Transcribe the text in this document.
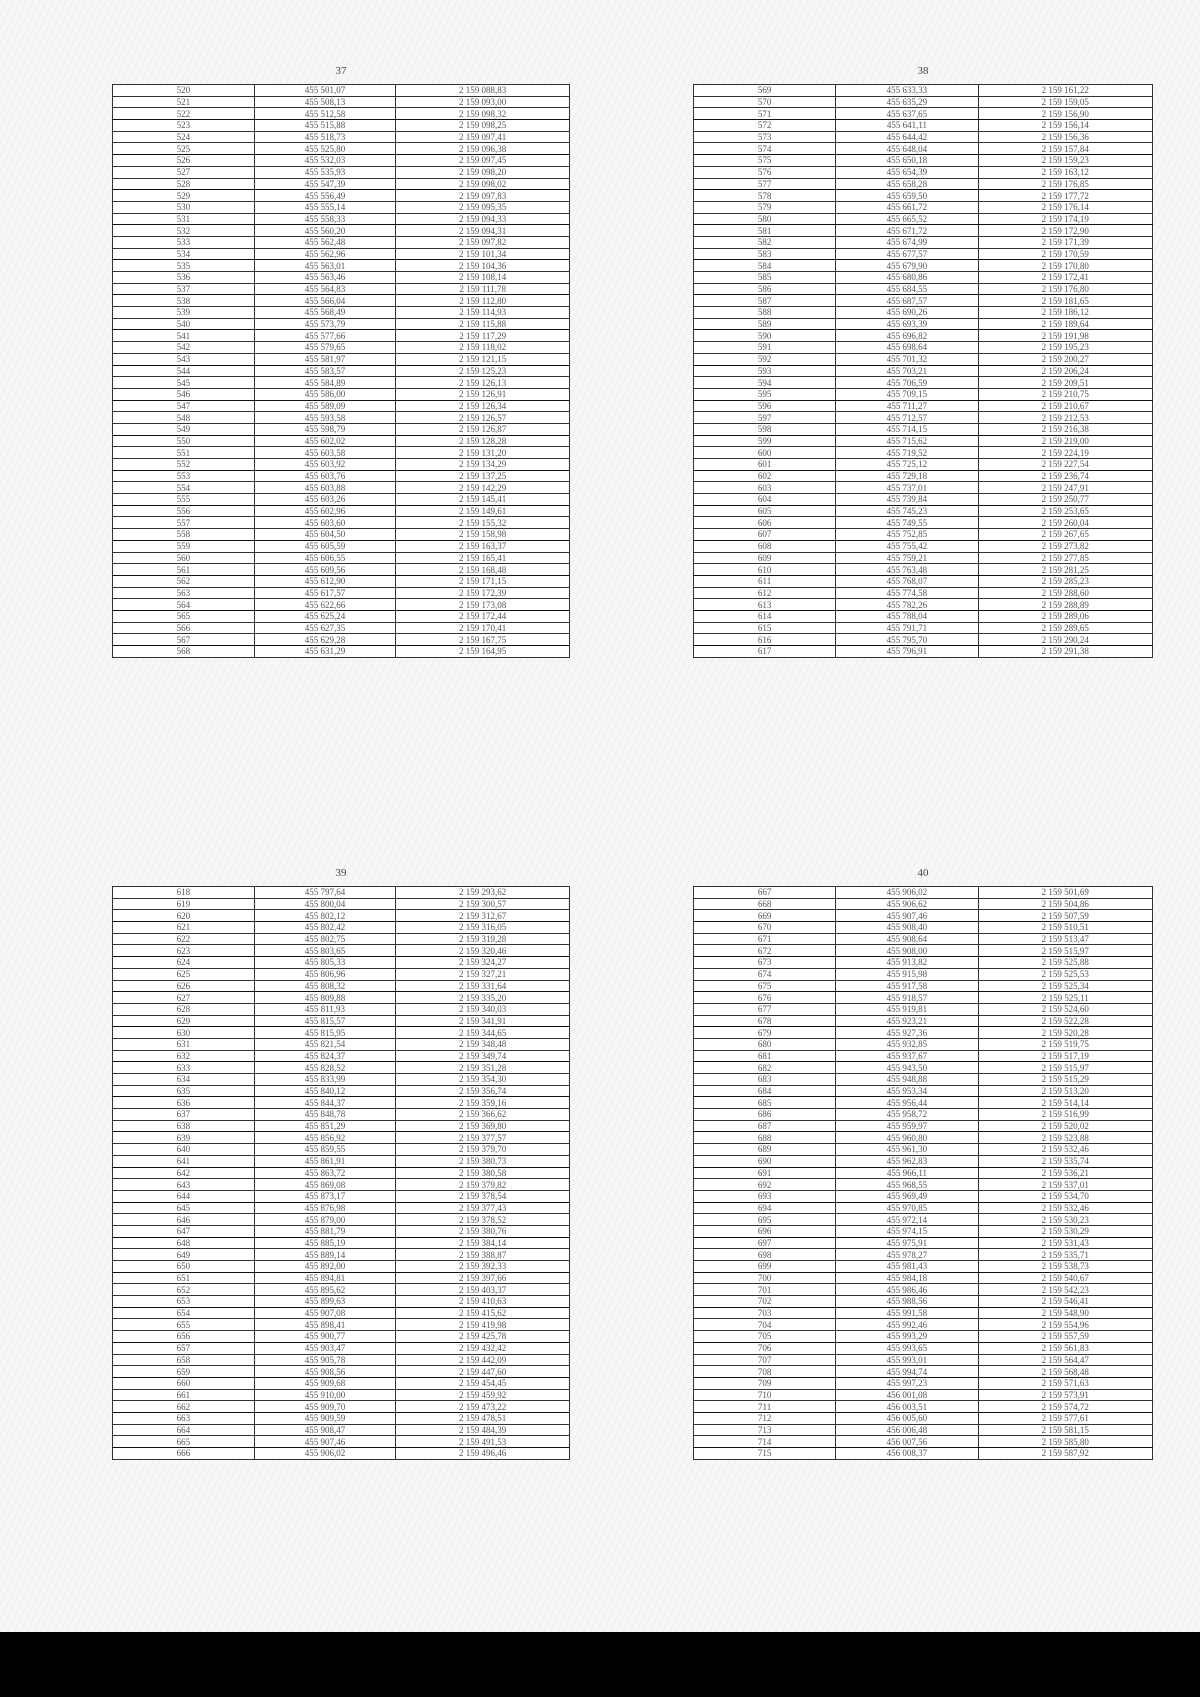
37
520	455 501,07	2 159 088,83
521	455 508,13	2 159 093,00
522	455 512,58	2 159 098,32
523	455 515,88	2 159 098,25
524	455 518,73	2 159 097,41
525	455 525,80	2 159 096,38
526	455 532,03	2 159 097,45
527	455 535,93	2 159 098,20
528	455 547,39	2 159 098,02
529	455 556,49	2 159 097,83
530	455 555,14	2 159 095,35
531	455 558,33	2 159 094,33
532	455 560,20	2 159 094,31
533	455 562,48	2 159 097,82
534	455 562,96	2 159 101,34
535	455 563,01	2 159 104,36
536	455 563,46	2 159 108,14
537	455 564,83	2 159 111,78
538	455 566,04	2 159 112,80
539	455 568,49	2 159 114,93
540	455 573,79	2 159 115,88
541	455 577,66	2 159 117,29
542	455 579,65	2 159 118,02
543	455 581,97	2 159 121,15
544	455 583,57	2 159 125,23
545	455 584,89	2 159 126,13
546	455 586,00	2 159 126,91
547	455 589,09	2 159 126,34
548	455 593,58	2 159 126,57
549	455 598,79	2 159 126,87
550	455 602,02	2 159 128,28
551	455 603,58	2 159 131,20
552	455 603,92	2 159 134,29
553	455 603,76	2 159 137,25
554	455 603,88	2 159 142,29
555	455 603,26	2 159 145,41
556	455 602,96	2 159 149,61
557	455 603,60	2 159 155,32
558	455 604,50	2 159 158,98
559	455 605,59	2 159 163,37
560	455 606,55	2 159 165,41
561	455 609,56	2 159 168,48
562	455 612,90	2 159 171,15
563	455 617,57	2 159 172,39
564	455 622,66	2 159 173,08
565	455 625,24	2 159 172,44
566	455 627,35	2 159 170,41
567	455 629,28	2 159 167,75
568	455 631,29	2 159 164,95
38
569	455 633,33	2 159 161,22
570	455 635,29	2 159 159,05
571	455 637,65	2 159 156,90
572	455 641,11	2 159 156,14
573	455 644,42	2 159 156,36
574	455 648,04	2 159 157,84
575	455 650,18	2 159 159,23
576	455 654,39	2 159 163,12
577	455 658,28	2 159 176,85
578	455 659,50	2 159 177,72
579	455 661,72	2 159 176,14
580	455 665,52	2 159 174,19
581	455 671,72	2 159 172,90
582	455 674,99	2 159 171,39
583	455 677,57	2 159 170,59
584	455 679,90	2 159 170,80
585	455 680,86	2 159 172,41
586	455 684,55	2 159 176,80
587	455 687,57	2 159 181,65
588	455 690,26	2 159 186,12
589	455 693,39	2 159 189,64
590	455 696,82	2 159 191,98
591	455 698,64	2 159 195,23
592	455 701,32	2 159 200,27
593	455 703,21	2 159 206,24
594	455 706,59	2 159 209,51
595	455 709,15	2 159 210,75
596	455 711,27	2 159 210,67
597	455 712,57	2 159 212,53
598	455 714,15	2 159 216,38
599	455 715,62	2 159 219,00
600	455 719,52	2 159 224,19
601	455 725,12	2 159 227,54
602	455 729,18	2 159 236,74
603	455 737,01	2 159 247,91
604	455 739,84	2 159 250,77
605	455 745,23	2 159 253,65
606	455 749,55	2 159 260,04
607	455 752,85	2 159 267,65
608	455 755,42	2 159 273,82
609	455 759,21	2 159 277,85
610	455 763,48	2 159 281,25
611	455 768,07	2 159 285,23
612	455 774,58	2 159 288,60
613	455 782,26	2 159 288,89
614	455 788,04	2 159 289,06
615	455 791,71	2 159 289,65
616	455 795,70	2 159 290,24
617	455 796,91	2 159 291,38
39
618	455 797,64	2 159 293,62
619	455 800,04	2 159 300,57
620	455 802,12	2 159 312,67
621	455 802,42	2 159 316,05
622	455 802,75	2 159 319,28
623	455 803,65	2 159 320,46
624	455 805,33	2 159 324,27
625	455 806,96	2 159 327,21
626	455 808,32	2 159 331,64
627	455 809,88	2 159 335,20
628	455 811,93	2 159 340,03
629	455 815,57	2 159 341,91
630	455 815,95	2 159 344,65
631	455 821,54	2 159 348,48
632	455 824,37	2 159 349,74
633	455 828,52	2 159 351,28
634	455 833,99	2 159 354,30
635	455 840,12	2 159 356,74
636	455 844,37	2 159 359,16
637	455 848,78	2 159 366,62
638	455 851,29	2 159 369,80
639	455 856,92	2 159 377,57
640	455 859,55	2 159 379,70
641	455 861,91	2 159 380,73
642	455 863,72	2 159 380,58
643	455 869,08	2 159 379,82
644	455 873,17	2 159 378,54
645	455 876,98	2 159 377,43
646	455 879,00	2 159 378,52
647	455 881,79	2 159 380,76
648	455 885,19	2 159 384,14
649	455 889,14	2 159 388,87
650	455 892,00	2 159 392,33
651	455 894,81	2 159 397,66
652	455 895,62	2 159 403,37
653	455 899,63	2 159 410,63
654	455 907,08	2 159 415,62
655	455 898,41	2 159 419,98
656	455 900,77	2 159 425,78
657	455 903,47	2 159 432,42
658	455 905,78	2 159 442,09
659	455 908,56	2 159 447,60
660	455 909,68	2 159 454,45
661	455 910,00	2 159 459,92
662	455 909,70	2 159 473,22
663	455 909,59	2 159 478,51
664	455 908,47	2 159 484,39
665	455 907,46	2 159 491,53
666	455 906,02	2 159 496,46
40
667	455 906,02	2 159 501,69
668	455 906,62	2 159 504,86
669	455 907,46	2 159 507,59
670	455 908,40	2 159 510,51
671	455 908,64	2 159 513,47
672	455 908,00	2 159 515,97
673	455 913,82	2 159 525,88
674	455 915,98	2 159 525,53
675	455 917,58	2 159 525,34
676	455 918,57	2 159 525,11
677	455 919,81	2 159 524,60
678	455 923,21	2 159 522,28
679	455 927,36	2 159 520,28
680	455 932,85	2 159 519,75
681	455 937,67	2 159 517,19
682	455 943,50	2 159 515,97
683	455 948,88	2 159 515,29
684	455 953,34	2 159 513,20
685	455 956,44	2 159 514,14
686	455 958,72	2 159 516,99
687	455 959,97	2 159 520,02
688	455 960,80	2 159 523,88
689	455 961,30	2 159 532,46
690	455 962,83	2 159 535,74
691	455 966,11	2 159 536,21
692	455 968,55	2 159 537,01
693	455 969,49	2 159 534,70
694	455 970,85	2 159 532,46
695	455 972,14	2 159 530,23
696	455 974,15	2 159 530,29
697	455 975,91	2 159 531,43
698	455 978,27	2 159 535,71
699	455 981,43	2 159 538,73
700	455 984,18	2 159 540,67
701	455 986,46	2 159 542,23
702	455 988,56	2 159 546,41
703	455 991,58	2 159 548,90
704	455 992,46	2 159 554,96
705	455 993,29	2 159 557,59
706	455 993,65	2 159 561,83
707	455 993,01	2 159 564,47
708	455 994,74	2 159 568,48
709	455 997,23	2 159 571,63
710	456 001,08	2 159 573,91
711	456 003,51	2 159 574,72
712	456 005,60	2 159 577,61
713	456 006,48	2 159 581,15
714	456 007,56	2 159 585,80
715	456 008,37	2 159 587,92
